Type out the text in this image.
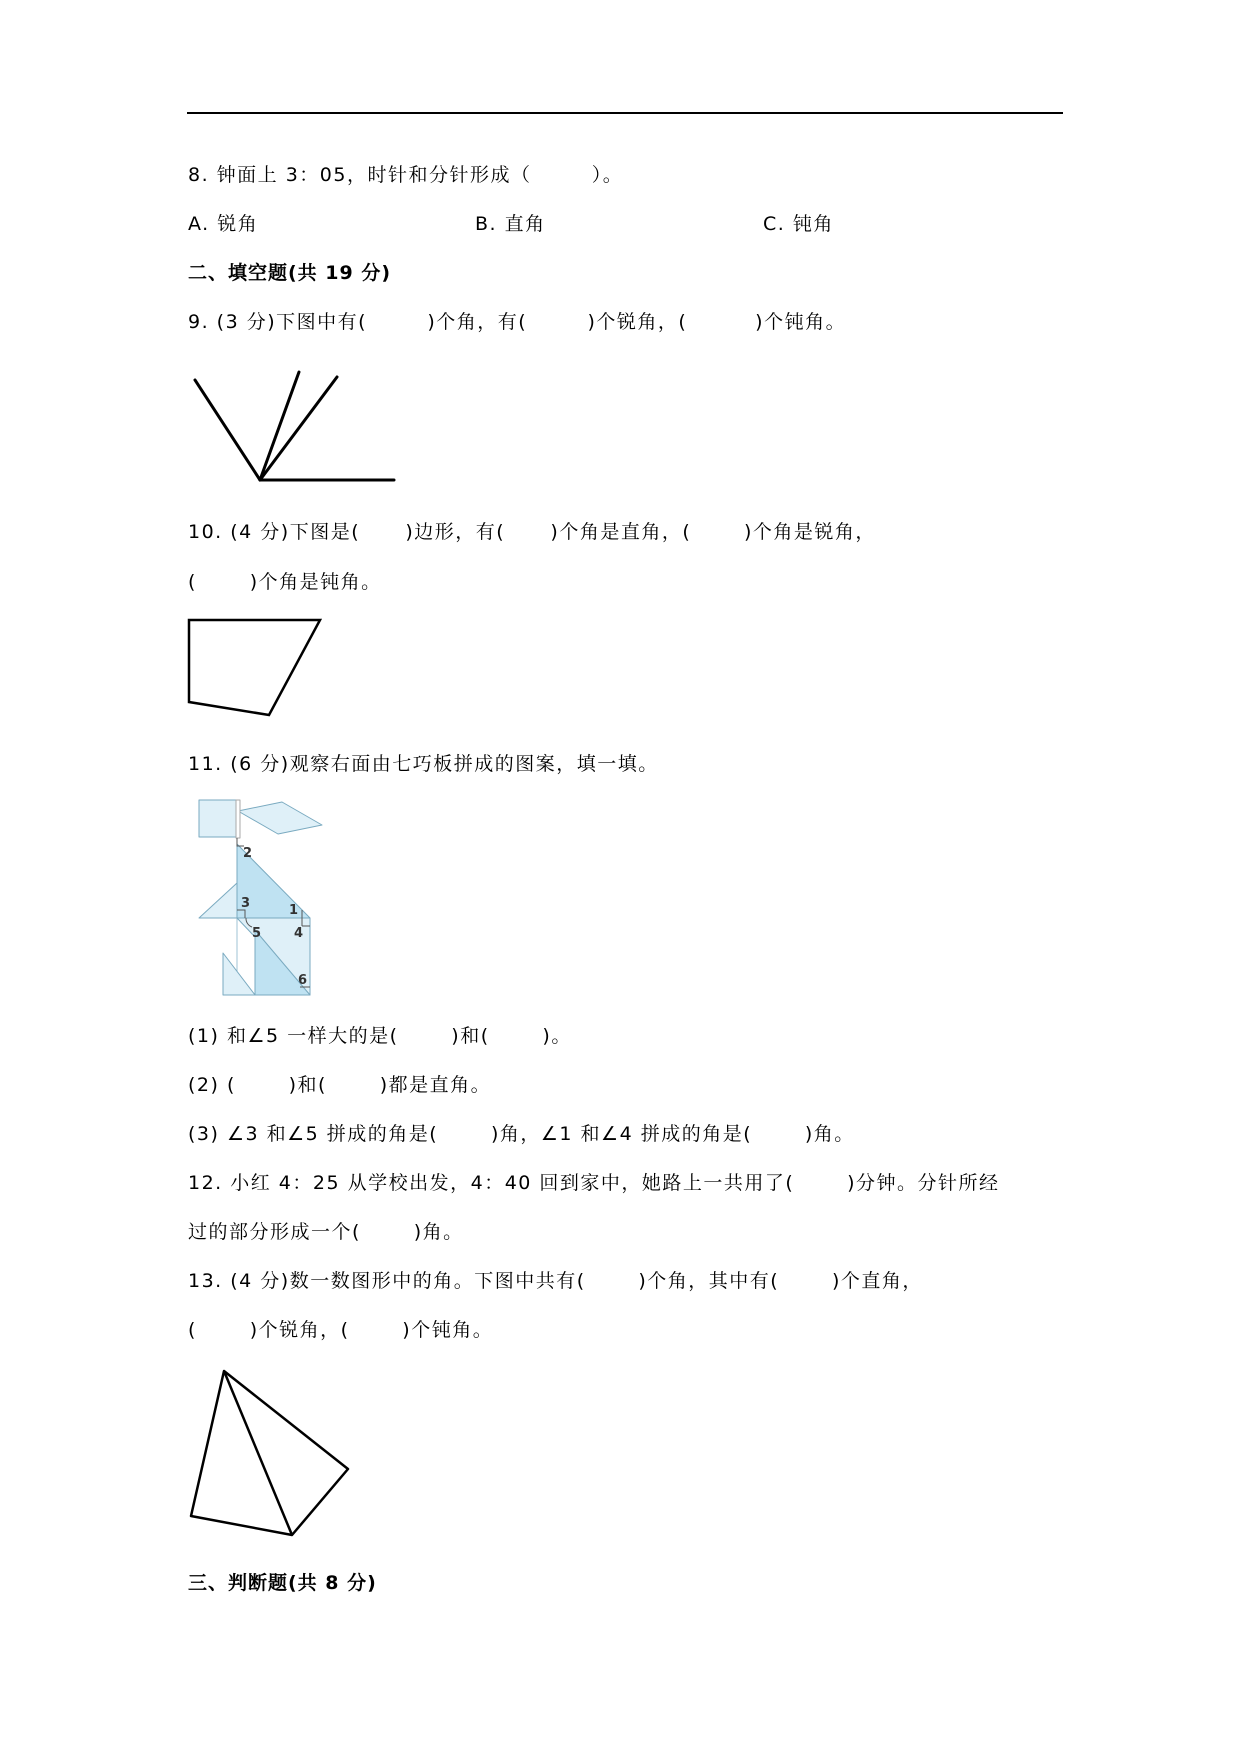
8. 钟面上 3：05，时针和分针形成（        ）。
A. 锐角	B. 直角	C. 钝角
二、填空题(共 19 分)
9. (3 分)下图中有(        )个角，有(        )个锐角，(         )个钝角。
10. (4 分)下图是(      )边形，有(      )个角是直角，(       )个角是锐角，
(       )个角是钝角。
11. (6 分)观察右面由七巧板拼成的图案，填一填。
2
3	1
5	4
6
(1) 和∠5 一样大的是(       )和(       )。
(2) (       )和(       )都是直角。
(3) ∠3 和∠5 拼成的角是(       )角，∠1 和∠4 拼成的角是(       )角。
12. 小红 4：25 从学校出发，4：40 回到家中，她路上一共用了(       )分钟。分针所经
过的部分形成一个(       )角。
13. (4 分)数一数图形中的角。下图中共有(       )个角，其中有(       )个直角，
(       )个锐角，(       )个钝角。
三、判断题(共 8 分)
